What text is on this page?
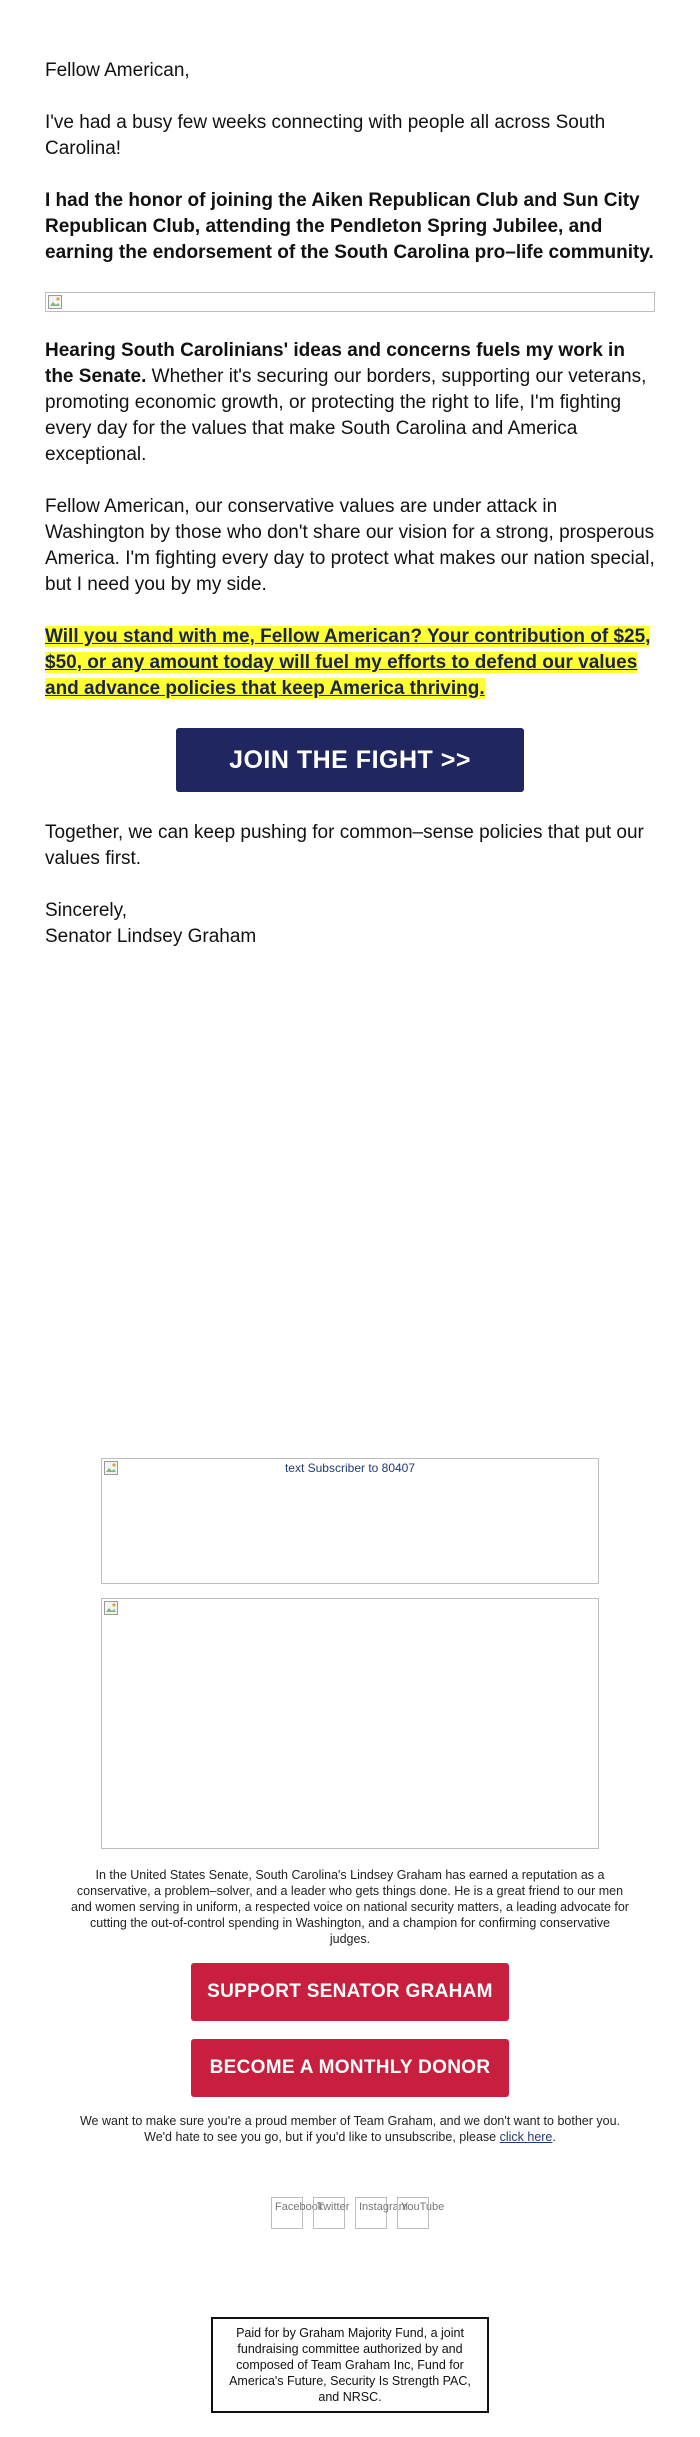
Fellow American,

I've had a busy few weeks connecting with people all across South Carolina!

I had the honor of joining the Aiken Republican Club and Sun City Republican Club, attending the Pendleton Spring Jubilee, and earning the endorsement of the South Carolina pro–life community.

Hearing South Carolinians' ideas and concerns fuels my work in the Senate. Whether it's securing our borders, supporting our veterans, promoting economic growth, or protecting the right to life, I'm fighting every day for the values that make South Carolina and America exceptional.

Fellow American, our conservative values are under attack in Washington by those who don't share our vision for a strong, prosperous America. I'm fighting every day to protect what makes our nation special, but I need you by my side.

Will you stand with me, Fellow American? Your contribution of $25, $50, or any amount today will fuel my efforts to defend our values and advance policies that keep America thriving.

JOIN THE FIGHT >>

Together, we can keep pushing for common–sense policies that put our values first.

Sincerely,

Senator Lindsey Graham

text Subscriber to 80407
In the United States Senate, South Carolina's Lindsey Graham has earned a reputation as a conservative, a problem–solver, and a leader who gets things done. He is a great friend to our men and women serving in uniform, a respected voice on national security matters, a leading advocate for cutting the out-of-control spending in Washington, and a champion for confirming conservative judges.
SUPPORT SENATOR GRAHAM
BECOME A MONTHLY DONOR
We want to make sure you're a proud member of Team Graham, and we don't want to bother you. We'd hate to see you go, but if you'd like to unsubscribe, please click here.
Facebook
Twitter Instagram
YouTube
Paid for by Graham Majority Fund, a joint fundraising committee authorized by and composed of Team Graham Inc, Fund for America's Future, Security Is Strength PAC, and NRSC.
